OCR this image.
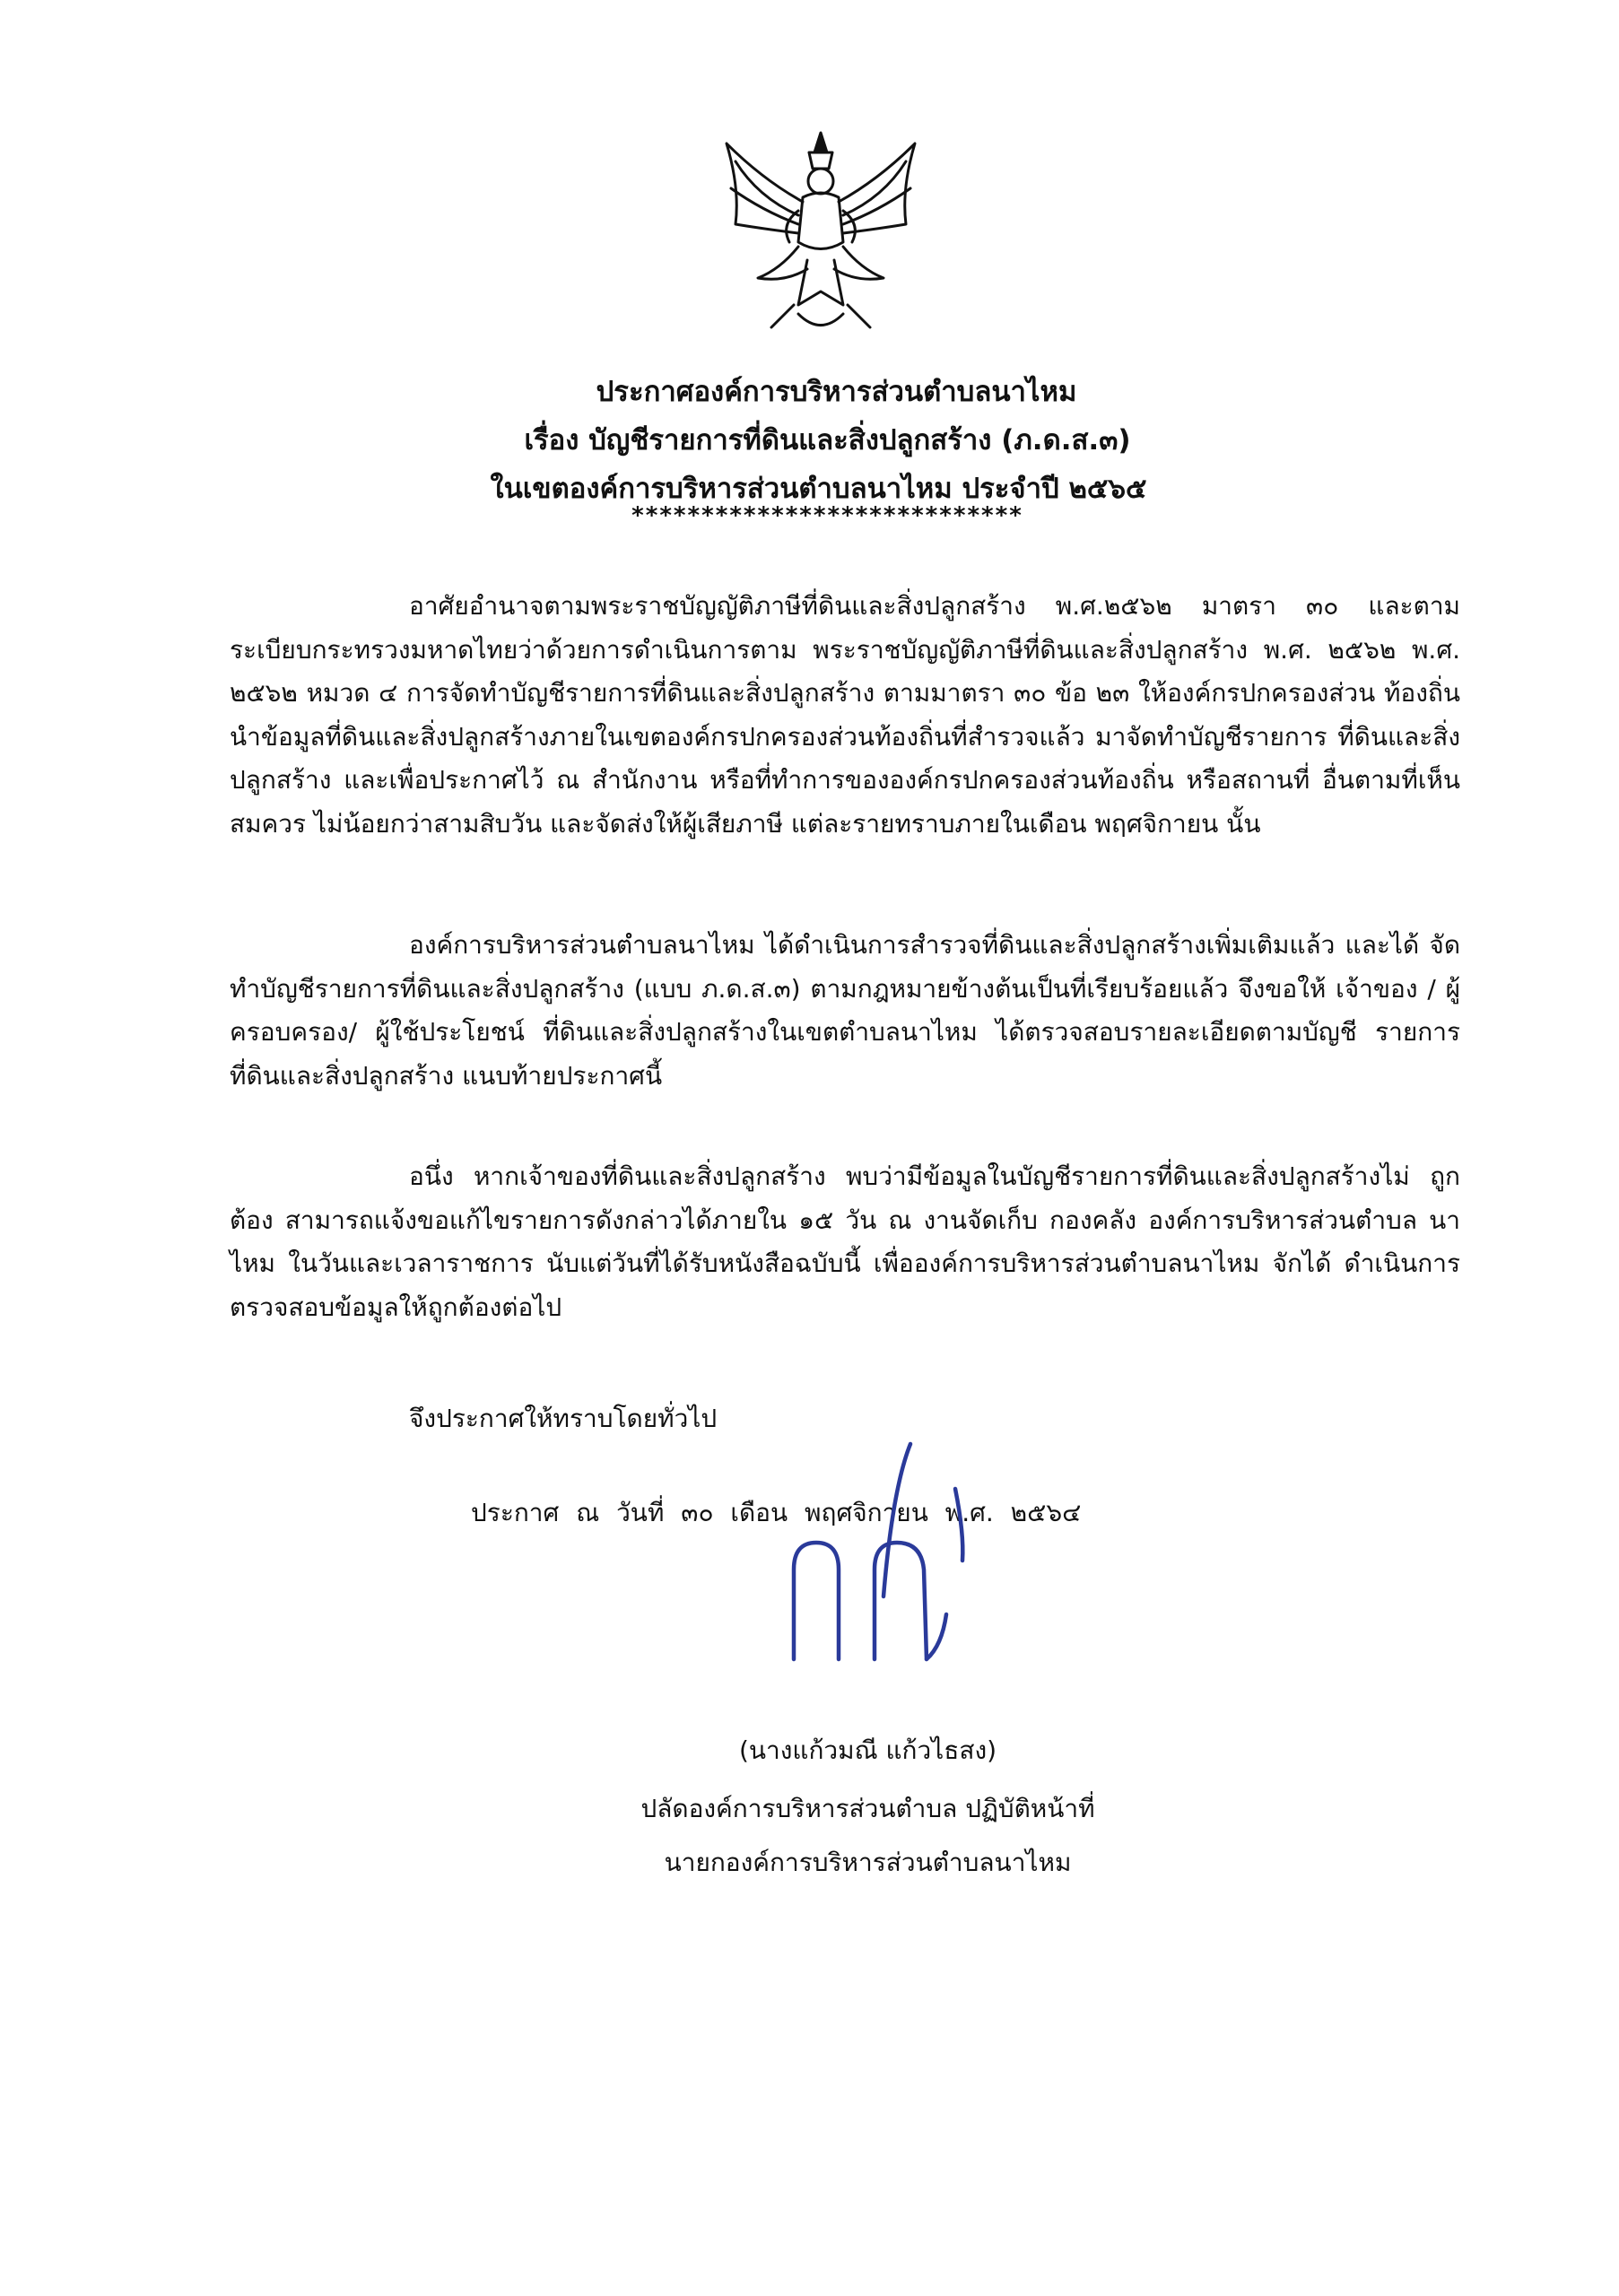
ประกาศองค์การบริหารส่วนตำบลนาไหม
เรื่อง บัญชีรายการที่ดินและสิ่งปลูกสร้าง (ภ.ด.ส.๓)
ในเขตองค์การบริหารส่วนตำบลนาไหม ประจำปี ๒๕๖๕
****************************
อาศัยอำนาจตามพระราชบัญญัติภาษีที่ดินและสิ่งปลูกสร้าง พ.ศ.๒๕๖๒ มาตรา ๓๐ และตาม ระเบียบกระทรวงมหาดไทยว่าด้วยการดำเนินการตาม พระราชบัญญัติภาษีที่ดินและสิ่งปลูกสร้าง พ.ศ. ๒๕๖๒ พ.ศ. ๒๕๖๒ หมวด ๔ การจัดทำบัญชีรายการที่ดินและสิ่งปลูกสร้าง ตามมาตรา ๓๐ ข้อ ๒๓ ให้องค์กรปกครองส่วน ท้องถิ่น นำข้อมูลที่ดินและสิ่งปลูกสร้างภายในเขตองค์กรปกครองส่วนท้องถิ่นที่สำรวจแล้ว มาจัดทำบัญชีรายการ ที่ดินและสิ่งปลูกสร้าง และเพื่อประกาศไว้ ณ สำนักงาน หรือที่ทำการขององค์กรปกครองส่วนท้องถิ่น หรือสถานที่ อื่นตามที่เห็นสมควร ไม่น้อยกว่าสามสิบวัน และจัดส่งให้ผู้เสียภาษี แต่ละรายทราบภายในเดือน พฤศจิกายน นั้น
องค์การบริหารส่วนตำบลนาไหม ได้ดำเนินการสำรวจที่ดินและสิ่งปลูกสร้างเพิ่มเติมแล้ว และได้ จัดทำบัญชีรายการที่ดินและสิ่งปลูกสร้าง (แบบ ภ.ด.ส.๓) ตามกฎหมายข้างต้นเป็นที่เรียบร้อยแล้ว จึงขอให้ เจ้าของ / ผู้ครอบครอง/ ผู้ใช้ประโยชน์ ที่ดินและสิ่งปลูกสร้างในเขตตำบลนาไหม ได้ตรวจสอบรายละเอียดตามบัญชี รายการที่ดินและสิ่งปลูกสร้าง แนบท้ายประกาศนี้
อนึ่ง หากเจ้าของที่ดินและสิ่งปลูกสร้าง พบว่ามีข้อมูลในบัญชีรายการที่ดินและสิ่งปลูกสร้างไม่ ถูกต้อง สามารถแจ้งขอแก้ไขรายการดังกล่าวได้ภายใน ๑๕ วัน ณ งานจัดเก็บ กองคลัง องค์การบริหารส่วนตำบล นาไหม ในวันและเวลาราชการ นับแต่วันที่ได้รับหนังสือฉบับนี้ เพื่อองค์การบริหารส่วนตำบลนาไหม จักได้ ดำเนินการตรวจสอบข้อมูลให้ถูกต้องต่อไป
จึงประกาศให้ทราบโดยทั่วไป
ประกาศ ณ วันที่ ๓๐ เดือน พฤศจิกายน พ.ศ. ๒๕๖๔
(นางแก้วมณี แก้วไธสง)
ปลัดองค์การบริหารส่วนตำบล ปฏิบัติหน้าที่
นายกองค์การบริหารส่วนตำบลนาไหม
